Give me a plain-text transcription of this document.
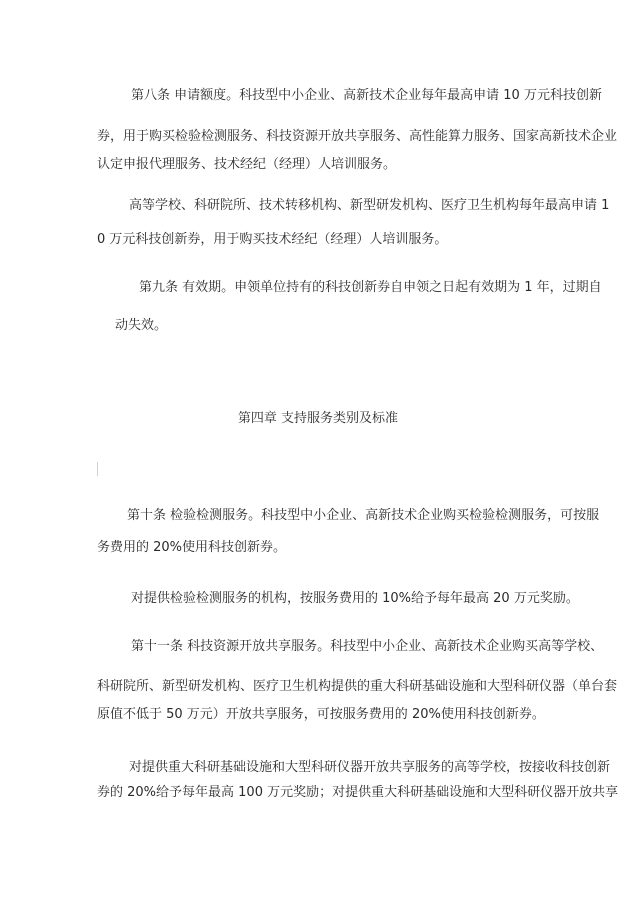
第八条 申请额度。科技型中小企业、高新技术企业每年最高申请 10 万元科技创新
券，用于购买检验检测服务、科技资源开放共享服务、高性能算力服务、国家高新技术企业
认定申报代理服务、技术经纪（经理）人培训服务。
高等学校、科研院所、技术转移机构、新型研发机构、医疗卫生机构每年最高申请 1
0 万元科技创新券，用于购买技术经纪（经理）人培训服务。
第九条 有效期。申领单位持有的科技创新券自申领之日起有效期为 1 年，过期自
动失效。
第四章 支持服务类别及标准
第十条 检验检测服务。科技型中小企业、高新技术企业购买检验检测服务，可按服
务费用的 20%使用科技创新券。
对提供检验检测服务的机构，按服务费用的 10%给予每年最高 20 万元奖励。
第十一条 科技资源开放共享服务。科技型中小企业、高新技术企业购买高等学校、
科研院所、新型研发机构、医疗卫生机构提供的重大科研基础设施和大型科研仪器（单台套
原值不低于 50 万元）开放共享服务，可按服务费用的 20%使用科技创新券。
对提供重大科研基础设施和大型科研仪器开放共享服务的高等学校，按接收科技创新
券的 20%给予每年最高 100 万元奖励；对提供重大科研基础设施和大型科研仪器开放共享
